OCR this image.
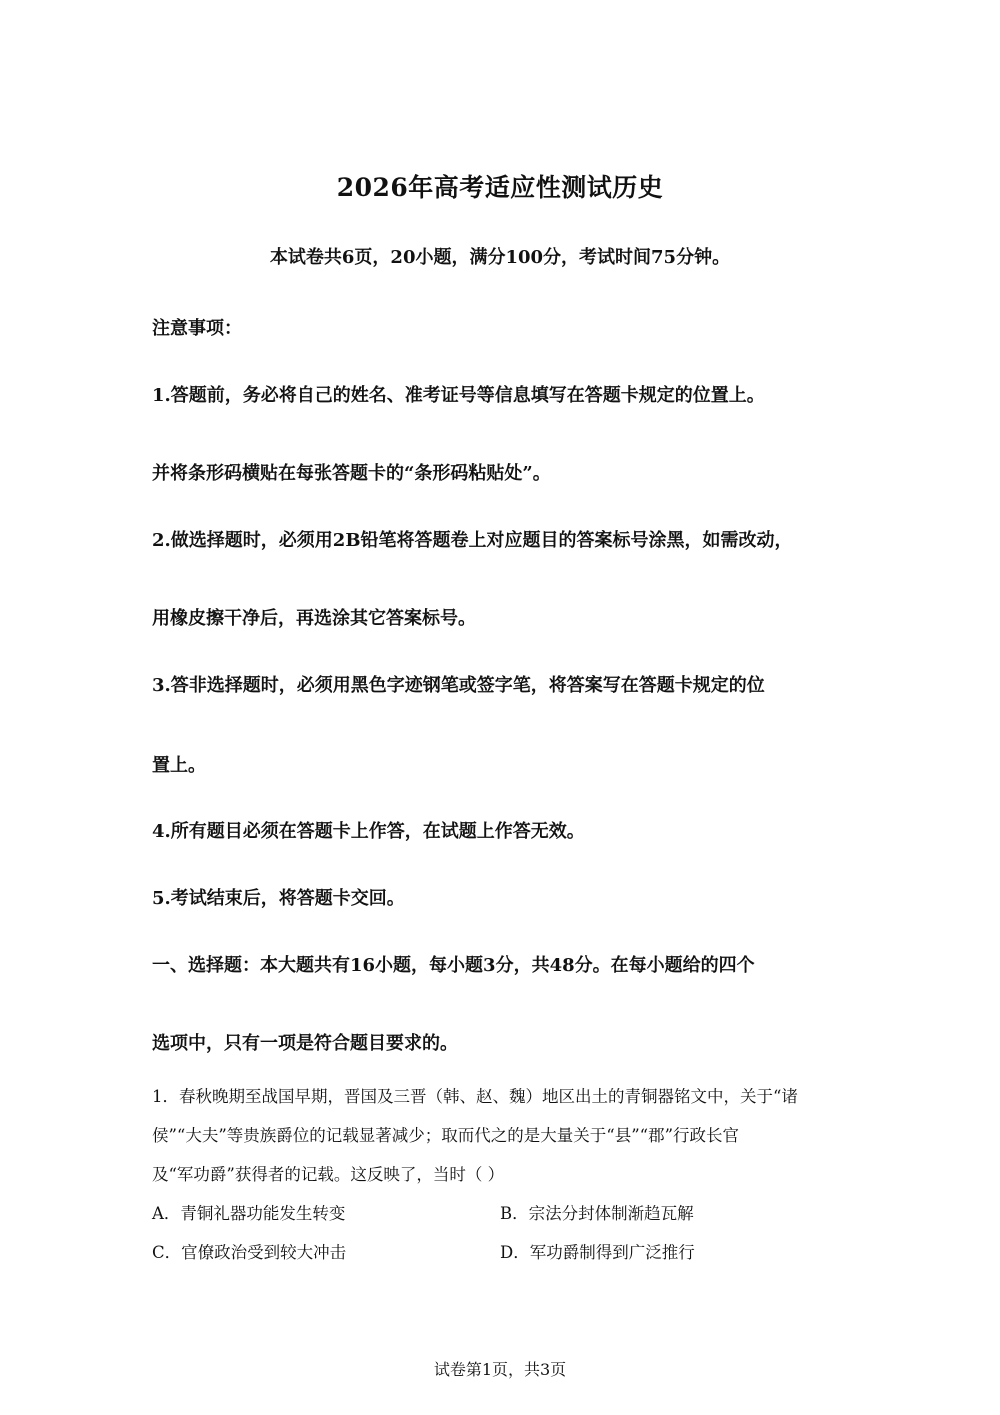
2026年高考适应性测试历史
本试卷共6页，20小题，满分100分，考试时间75分钟。
注意事项：
1.答题前，务必将自己的姓名、准考证号等信息填写在答题卡规定的位置上。
并将条形码横贴在每张答题卡的“条形码粘贴处”。
2.做选择题时，必须用2B铅笔将答题卷上对应题目的答案标号涂黑，如需改动，
用橡皮擦干净后，再选涂其它答案标号。
3.答非选择题时，必须用黑色字迹钢笔或签字笔，将答案写在答题卡规定的位
置上。
4.所有题目必须在答题卡上作答，在试题上作答无效。
5.考试结束后，将答题卡交回。
一、选择题：本大题共有16小题，每小题3分，共48分。在每小题给的四个
选项中，只有一项是符合题目要求的。
1．春秋晚期至战国早期，晋国及三晋（韩、赵、魏）地区出土的青铜器铭文中，关于“诸
侯”“大夫”等贵族爵位的记载显著减少；取而代之的是大量关于“县”“郡”行政长官
及“军功爵”获得者的记载。这反映了，当时（ ）
A．青铜礼器功能发生转变	B．宗法分封体制渐趋瓦解
C．官僚政治受到较大冲击	D．军功爵制得到广泛推行
试卷第1页，共3页
